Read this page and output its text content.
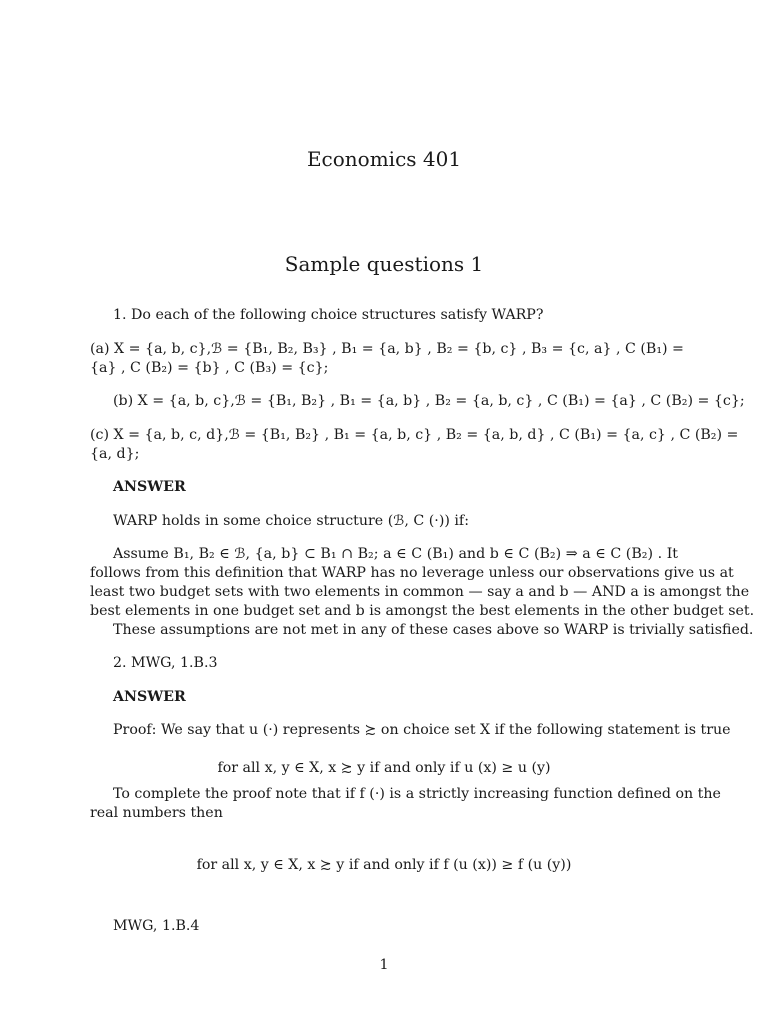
Economics 401
Sample questions 1
1. Do each of the following choice structures satisfy WARP?
(a) X = {a, b, c},ℬ = {B₁, B₂, B₃} , B₁ = {a, b} , B₂ = {b, c} , B₃ = {c, a} , C (B₁) =
{a} , C (B₂) = {b} , C (B₃) = {c};
(b) X = {a, b, c},ℬ = {B₁, B₂} , B₁ = {a, b} , B₂ = {a, b, c} , C (B₁) = {a} , C (B₂) = {c};
(c) X = {a, b, c, d},ℬ = {B₁, B₂} , B₁ = {a, b, c} , B₂ = {a, b, d} , C (B₁) = {a, c} , C (B₂) =
{a, d};
ANSWER
WARP holds in some choice structure (ℬ, C (·)) if:
Assume B₁, B₂ ∈ ℬ, {a, b} ⊂ B₁ ∩ B₂; a ∈ C (B₁) and b ∈ C (B₂) ⇒ a ∈ C (B₂) . It
follows from this definition that WARP has no leverage unless our observations give us at
least two budget sets with two elements in common — say a and b — AND a is amongst the
best elements in one budget set and b is amongst the best elements in the other budget set.
These assumptions are not met in any of these cases above so WARP is trivially satisfied.
2. MWG, 1.B.3
ANSWER
Proof: We say that u (·) represents ≿ on choice set X if the following statement is true
for all x, y ∈ X, x ≿ y if and only if u (x) ≥ u (y)
To complete the proof note that if f (·) is a strictly increasing function defined on the
real numbers then
for all x, y ∈ X, x ≿ y if and only if f (u (x)) ≥ f (u (y))
MWG, 1.B.4
1
